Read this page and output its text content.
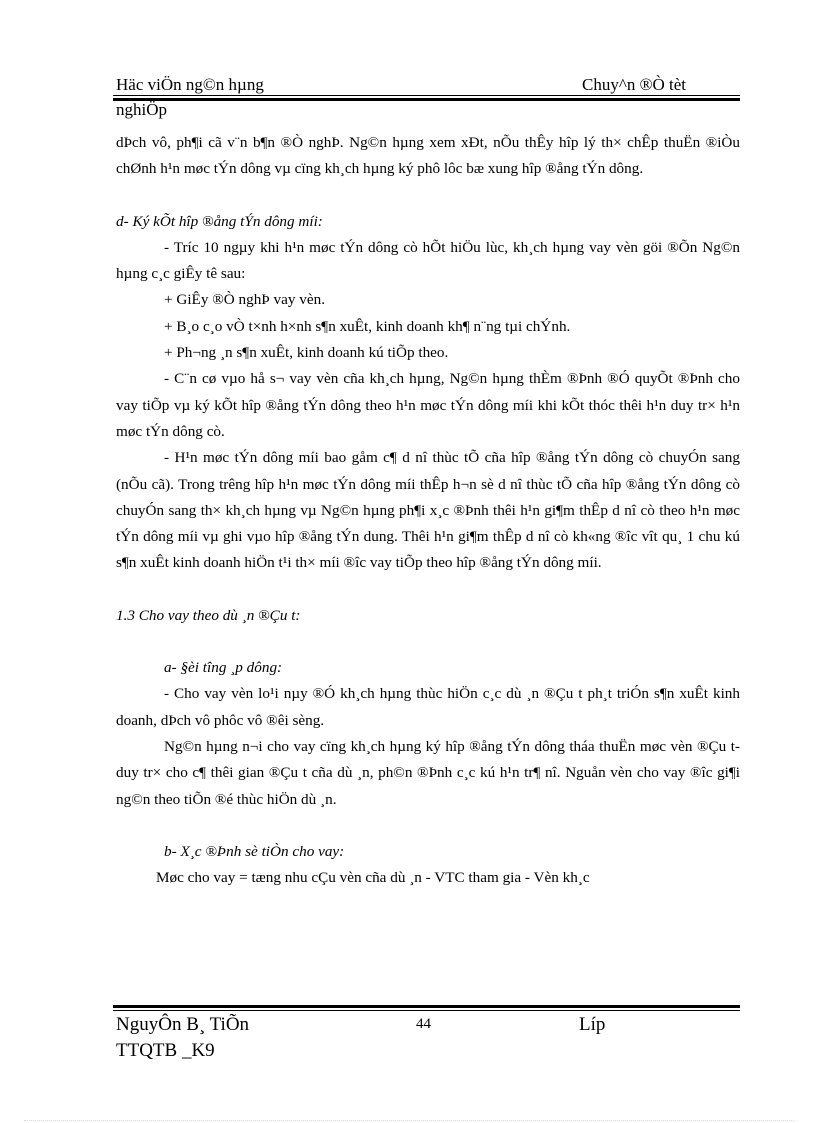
Häc viÖn ng©n hµng	Chuy^n ®Ò tèt
nghiÖp

dÞch vô, ph¶i cã v¨n b¶n ®Ò nghÞ. Ng©n hµng xem xÐt, nÕu thÊy hîp lý th× chÊp thuËn ®iÒu chØnh h¹n møc tÝn dông vµ cïng kh¸ch hµng ký phô lôc bæ xung hîp ®ång tÝn dông.

d- Ký kÕt hîp ®ång tÝn dông míi:

- Tríc 10 ngµy khi h¹n møc tÝn dông cò hÕt hiÖu lùc, kh¸ch hµng vay vèn göi ®Õn Ng©n hµng c¸c giÊy tê sau:

+ GiÊy ®Ò nghÞ vay vèn.

+ B¸o c¸o vÒ t×nh h×nh s¶n xuÊt, kinh doanh kh¶ n¨ng tµi chÝnh.

+ Ph¬ng ¸n s¶n xuÊt, kinh doanh kú tiÕp theo.

- C¨n cø vµo hå s¬ vay vèn cña kh¸ch hµng, Ng©n hµng thÈm ®Þnh ®Ó quyÕt ®Þnh cho vay tiÕp vµ ký kÕt hîp ®ång tÝn dông theo h¹n møc tÝn dông míi khi kÕt thóc thêi h¹n duy tr× h¹n møc tÝn dông cò.

- H¹n møc tÝn dông míi bao gåm c¶ d nî thùc tÕ cña hîp ®ång tÝn dông cò chuyÓn sang (nÕu cã). Trong trêng hîp h¹n møc tÝn dông míi thÊp h¬n sè d nî thùc tÕ cña hîp ®ång tÝn dông cò chuyÓn sang th× kh¸ch hµng vµ Ng©n hµng ph¶i x¸c ®Þnh thêi h¹n gi¶m thÊp d nî cò theo h¹n møc tÝn dông míi vµ ghi vµo hîp ®ång tÝn dung. Thêi h¹n gi¶m thÊp d nî cò kh«ng ®îc vît qu¸ 1 chu kú s¶n xuÊt kinh doanh hiÖn t¹i th× míi ®îc vay tiÕp theo hîp ®ång tÝn dông míi.

1.3 Cho vay theo dù ¸n ®Çu t:

a- §èi tîng ¸p dông:

- Cho vay vèn lo¹i nµy ®Ó kh¸ch hµng thùc hiÖn c¸c dù ¸n ®Çu t ph¸t triÓn s¶n xuÊt kinh doanh, dÞch vô phôc vô ®êi sèng.

Ng©n hµng n¬i cho vay cïng kh¸ch hµng ký hîp ®ång tÝn dông tháa thuËn møc vèn ®Çu t duy tr× cho c¶ thêi gian ®Çu t cña dù ¸n, ph©n ®Þnh c¸c kú h¹n tr¶ nî. Nguån vèn cho vay ®îc gi¶i ng©n theo tiÕn ®é thùc hiÖn dù ¸n.

b- X¸c ®Þnh sè tiÒn cho vay:

Møc cho vay = tæng nhu cÇu vèn cña dù ¸n - VTC tham gia - Vèn kh¸c

NguyÔn B¸ TiÕn	44	Líp
TTQTB _K9
